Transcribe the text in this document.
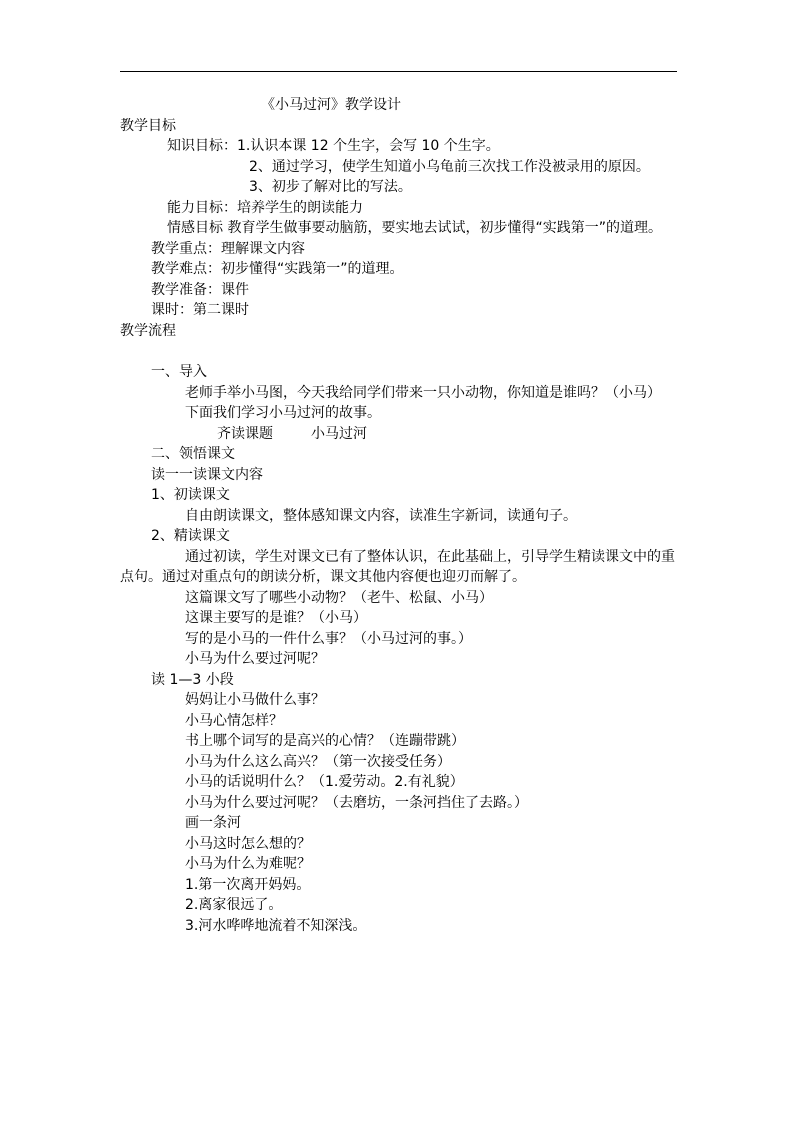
《小马过河》教学设计

教学目标

知识目标： 1.认识本课 12 个生字，会写 10 个生字。

2、通过学习，使学生知道小乌龟前三次找工作没被录用的原因。

3、初步了解对比的写法。

能力目标：培养学生的朗读能力

情感目标 教育学生做事要动脑筋，要实地去试试，初步懂得“实践第一”的道理。

教学重点：理解课文内容

教学难点：初步懂得“实践第一”的道理。

教学准备：课件

课时：第二课时

教学流程

一、导入

老师手举小马图，今天我给同学们带来一只小动物，你知道是谁吗？（小马）

下面我们学习小马过河的故事。

齐读课题	小马过河

二、领悟课文

读一一读课文内容

1、初读课文

自由朗读课文，整体感知课文内容，读准生字新词，读通句子。

2、精读课文

通过初读，学生对课文已有了整体认识，在此基础上，引导学生精读课文中的重点句。通过对重点句的朗读分析，课文其他内容便也迎刃而解了。

这篇课文写了哪些小动物？（老牛、松鼠、小马）

这课主要写的是谁？（小马）

写的是小马的一件什么事？（小马过河的事。）

小马为什么要过河呢？

读 1—3 小段

妈妈让小马做什么事？

小马心情怎样？

书上哪个词写的是高兴的心情？（连蹦带跳）

小马为什么这么高兴？（第一次接受任务）

小马的话说明什么？（1.爱劳动。2.有礼貌）

小马为什么要过河呢？（去磨坊，一条河挡住了去路。）

画一条河

小马这时怎么想的？

小马为什么为难呢？

1.第一次离开妈妈。

2.离家很远了。

3.河水哗哗地流着不知深浅。
